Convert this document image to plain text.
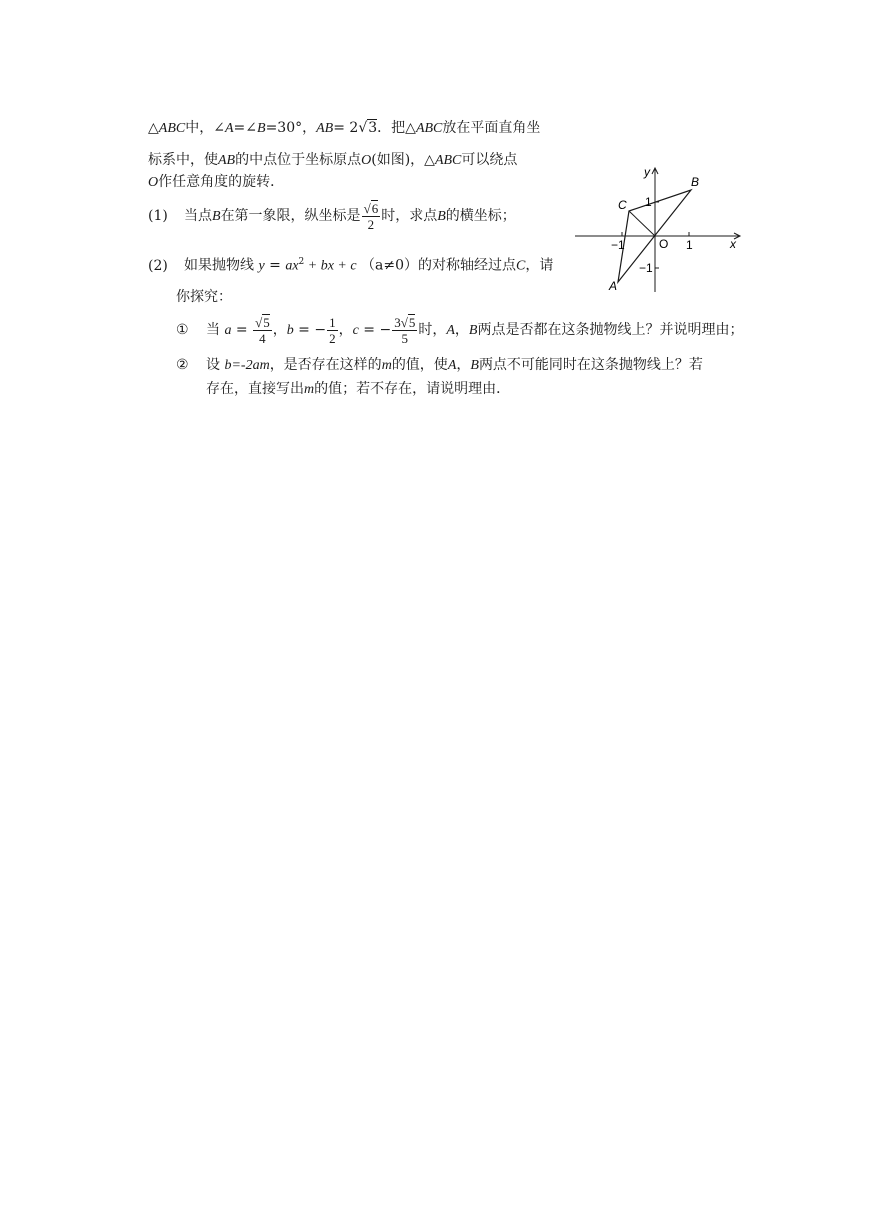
△ABC中，∠A=∠B=30°，AB= 2√3．把△ABC放在平面直角坐
标系中，使AB的中点位于坐标原点O(如图)，△ABC可以绕点
O作任意角度的旋转．
(1) 当点B在第一象限，纵坐标是 $\frac{√6}{2}$ 时，求点B的横坐标；
(2) 如果抛物线 $y = ax^2$ + bx + c （a≠0）的对称轴经过点C，请
你探究：
① 当 $a = \frac{√5}{4}$ ，b = − $\frac{1}{2}$ ，c = − $\frac{3√5}{5}$ 时，A，B两点是否都在这条抛物线上？并说明理由；
② 设 b=-2am，是否存在这样的m的值，使A，B两点不可能同时在这条抛物线上？若
存在，直接写出m的值；若不存在，请说明理由．
y
x
O 1
−1
1
−1
B
C
A
